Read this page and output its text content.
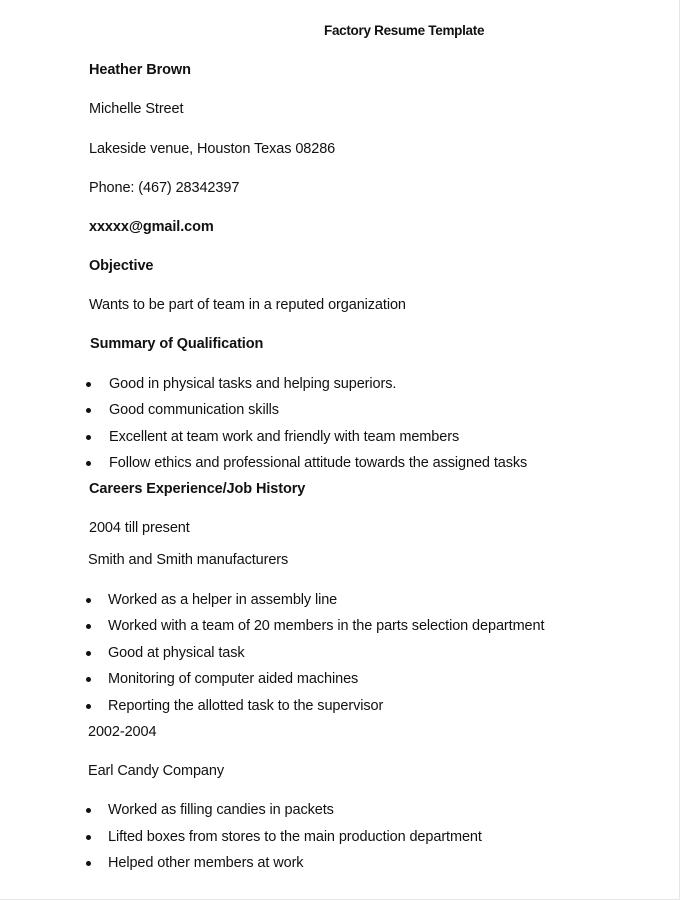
Factory Resume Template
Heather Brown
Michelle Street
Lakeside venue, Houston Texas 08286
Phone: (467) 28342397
xxxxx@gmail.com
Objective
Wants to be part of team in a reputed organization
Summary of Qualification
Good in physical tasks and helping superiors.
Good communication skills
Excellent at team work and friendly with team members
Follow ethics and professional attitude towards the assigned tasks
Careers Experience/Job History
2004 till present
Smith and Smith manufacturers
Worked as a helper in assembly line
Worked with a team of 20 members in the parts selection department
Good at physical task
Monitoring of computer aided machines
Reporting the allotted task to the supervisor
2002-2004
Earl Candy Company
Worked as filling candies in packets
Lifted boxes from stores to the main production department
Helped other members at work
